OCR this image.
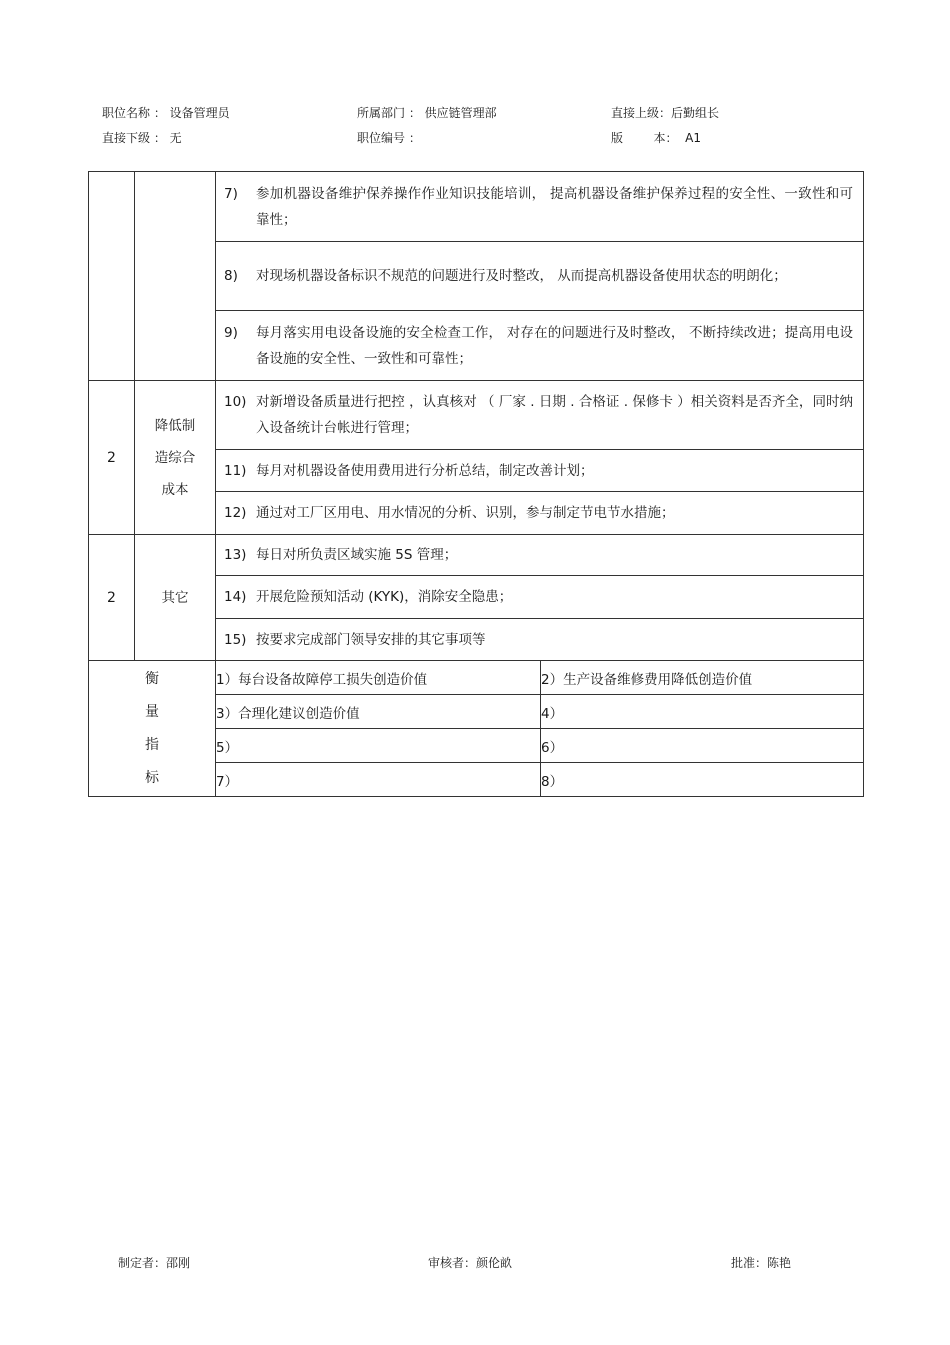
职位名称 ： 设备管理员	所属部门 ： 供应链管理部	直接上级：后勤组长
直接下级 ： 无	职位编号 ：	版        本：  A1

		7) 参加机器设备维护保养操作作业知识技能培训， 提高机器设备维护保养过程的安全性、一致性和可靠性；	

		8) 对现场机器设备标识不规范的问题进行及时整改， 从而提高机器设备使用状态的明朗化；	

		9) 每月落实用电设备设施的安全检查工作， 对存在的问题进行及时整改， 不断持续改进；提高用电设备设施的安全性、一致性和可靠性；	

2	降低制造综合成本	10) 对新增设备质量进行把控 ，认真核对 （ 厂家 . 日期 . 合格证 . 保修卡 ）相关资料是否齐全，同时纳入设备统计台帐进行管理；	

		11) 每月对机器设备使用费用进行分析总结，制定改善计划；	

		12) 通过对工厂区用电、用水情况的分析、识别，参与制定节电节水措施；	

2	其它	13) 每日对所负责区域实施 5S 管理；	

		14) 开展危险预知活动 (KYK)，消除安全隐患；	

		15) 按要求完成部门领导安排的其它事项等	

衡
量
指
标		1）每台设备故障停工损失创造价值	2）生产设备维修费用降低创造价值
		3）合理化建议创造价值	4）
		5）	6）
		7）	8）
制定者：邵刚	审核者：颜伦畝	批准：陈艳
